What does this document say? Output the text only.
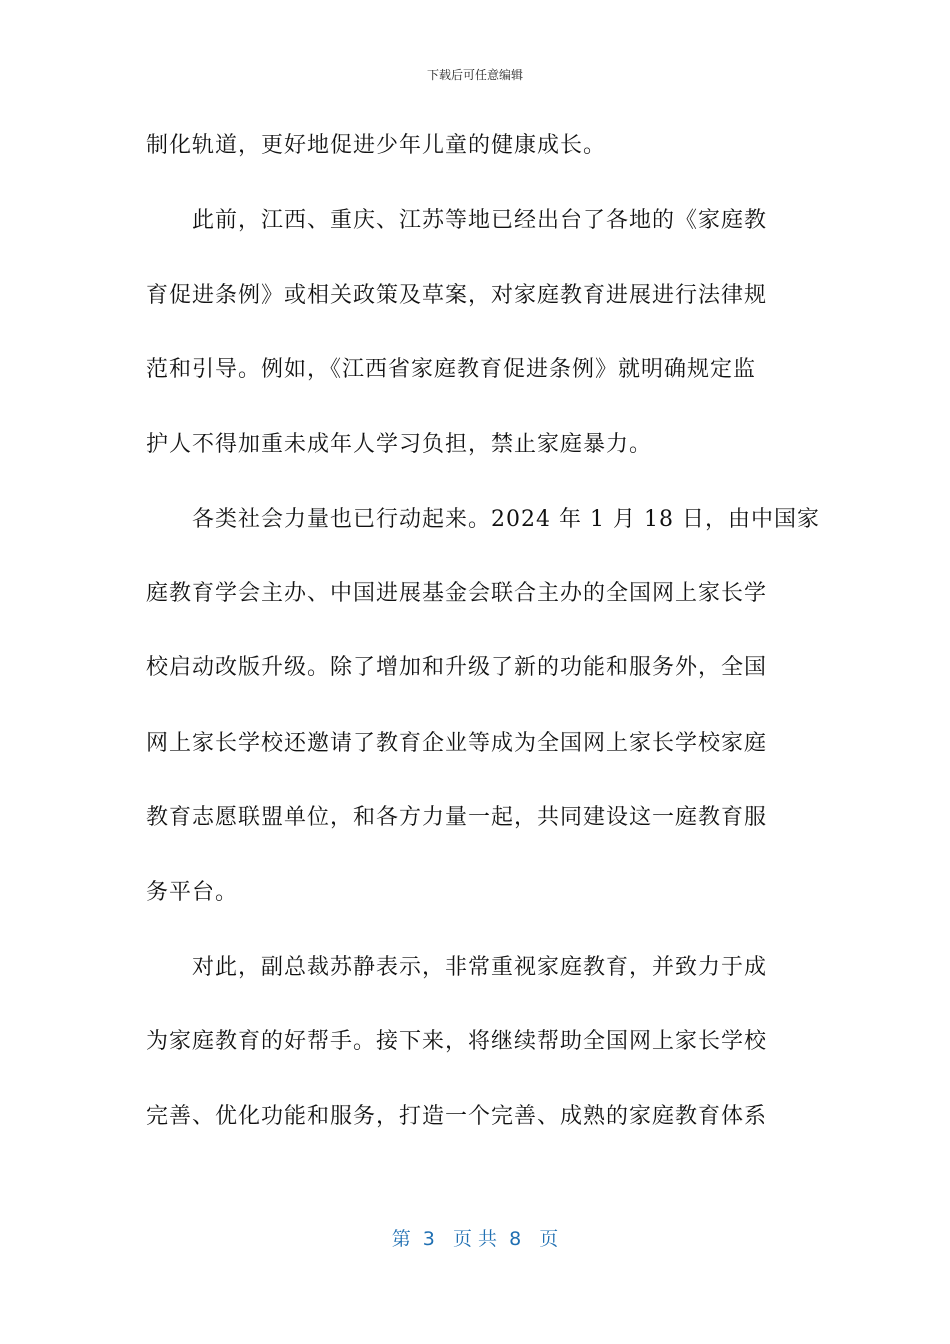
下载后可任意编辑
制化轨道，更好地促进少年儿童的健康成长。
此前，江西、重庆、江苏等地已经出台了各地的《家庭教
育促进条例》或相关政策及草案，对家庭教育进展进行法律规
范和引导。例如，《江西省家庭教育促进条例》就明确规定监
护人不得加重未成年人学习负担，禁止家庭暴力。
各类社会力量也已行动起来。2024 年 1 月 18 日，由中国家
庭教育学会主办、中国进展基金会联合主办的全国网上家长学
校启动改版升级。除了增加和升级了新的功能和服务外，全国
网上家长学校还邀请了教育企业等成为全国网上家长学校家庭
教育志愿联盟单位，和各方力量一起，共同建设这一庭教育服
务平台。
对此，副总裁苏静表示，非常重视家庭教育，并致力于成
为家庭教育的好帮手。接下来，将继续帮助全国网上家长学校
完善、优化功能和服务，打造一个完善、成熟的家庭教育体系
第  3   页 共  8   页
